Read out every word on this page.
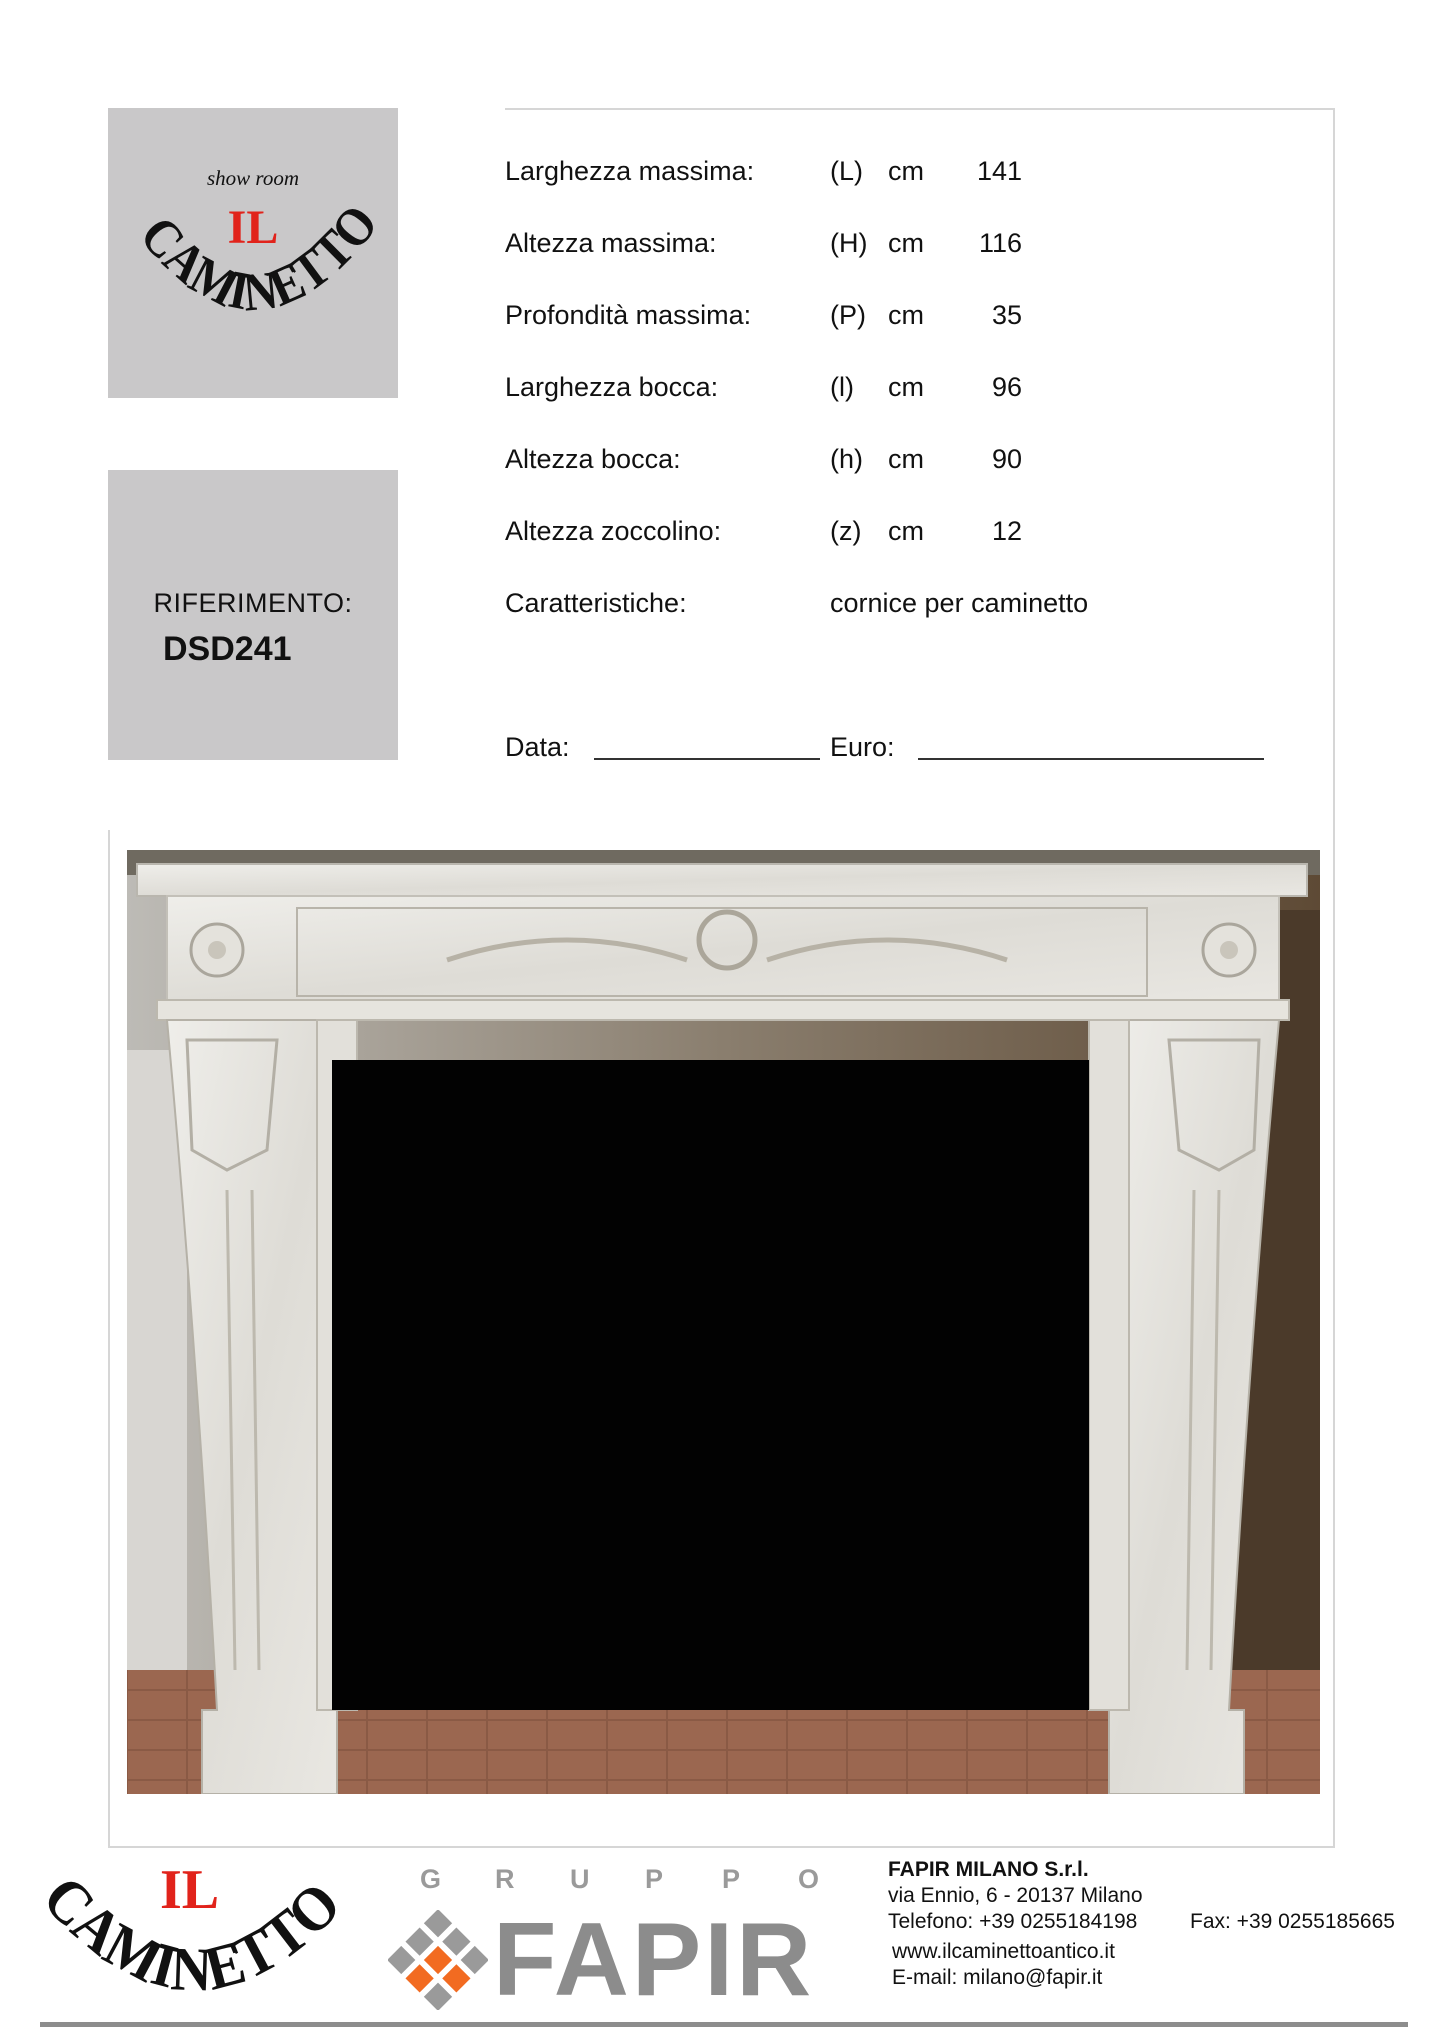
show room
IL
CAMINETTO
RIFERIMENTO:
DSD241
Larghezza massima:	(L) cm	141
Altezza massima:	(H) cm	116
Profondità massima:	(P) cm	35
Larghezza bocca:	(l) cm	96
Altezza bocca:	(h) cm	90
Altezza zoccolino:	(z) cm	12
Caratteristiche:	cornice per caminetto
Data:	Euro:
IL
CAMINETTO G R U P P O
FAPIR
FAPIR MILANO S.r.l.
via Ennio, 6 - 20137 Milano
Telefono: +39 0255184198	Fax: +39 0255185665
www.ilcaminettoantico.it
E-mail: milano@fapir.it
